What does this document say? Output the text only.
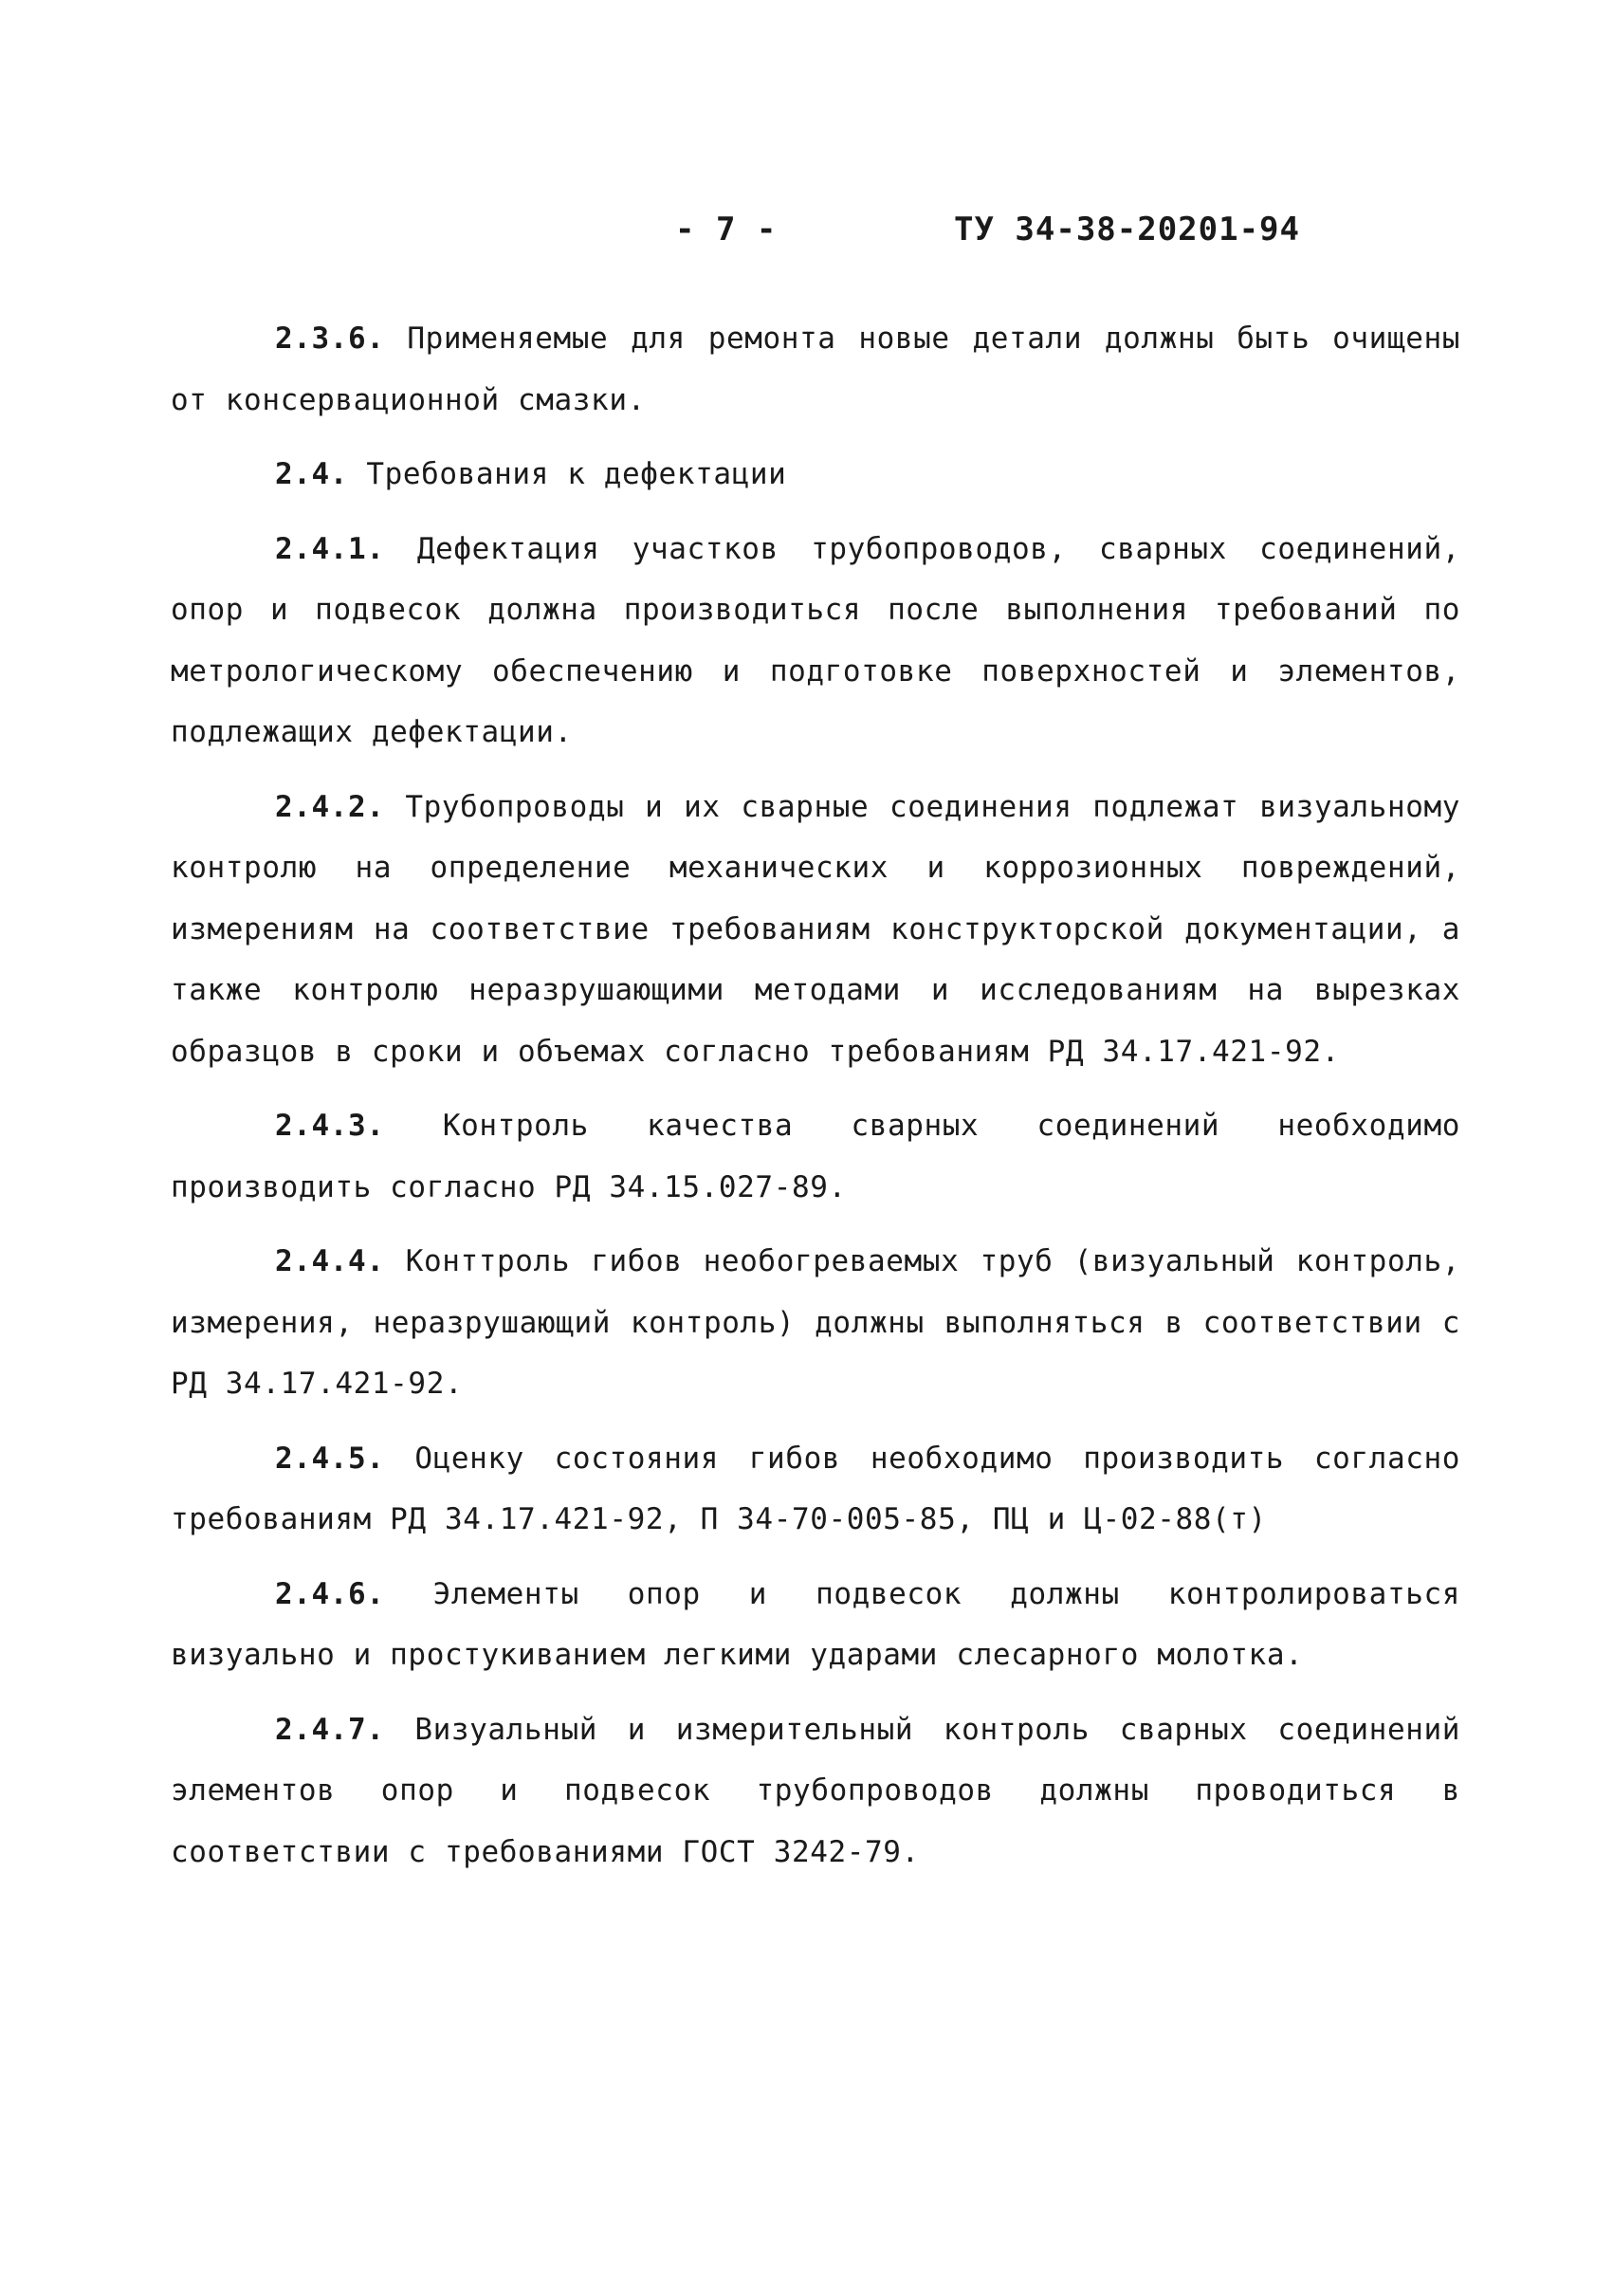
- 7 -	ТУ 34-38-20201-94

2.3.6. Применяемые для ремонта новые детали должны быть очищены от консервационной смазки.

2.4. Требования к дефектации

2.4.1. Дефектация участков трубопроводов, сварных соединений, опор и подвесок должна производиться после выполнения требований по метрологическому обеспечению и подготовке поверхностей и элементов, подлежащих дефектации.

2.4.2. Трубопроводы и их сварные соединения подлежат визуальному контролю на определение механических и коррозионных повреждений, измерениям на соответствие требованиям конструкторской документации, а также контролю неразрушающими методами и исследованиям на вырезках образцов в сроки и объемах согласно требованиям РД 34.17.421-92.

2.4.3. Контроль качества сварных соединений необходимо производить согласно РД 34.15.027-89.

2.4.4. Конттроль гибов необогреваемых труб (визуальный контроль, измерения, неразрушающий контроль) должны выполняться в соответствии с РД 34.17.421-92.

2.4.5. Оценку состояния гибов необходимо производить согласно требованиям РД 34.17.421-92, П 34-70-005-85, ПЦ и Ц-02-88(т)

2.4.6. Элементы опор и подвесок должны контролироваться визуально и простукиванием легкими ударами слесарного молотка.

2.4.7. Визуальный и измерительный контроль сварных соединений элементов опор и подвесок трубопроводов должны проводиться в соответствии с требованиями ГОСТ 3242-79.
